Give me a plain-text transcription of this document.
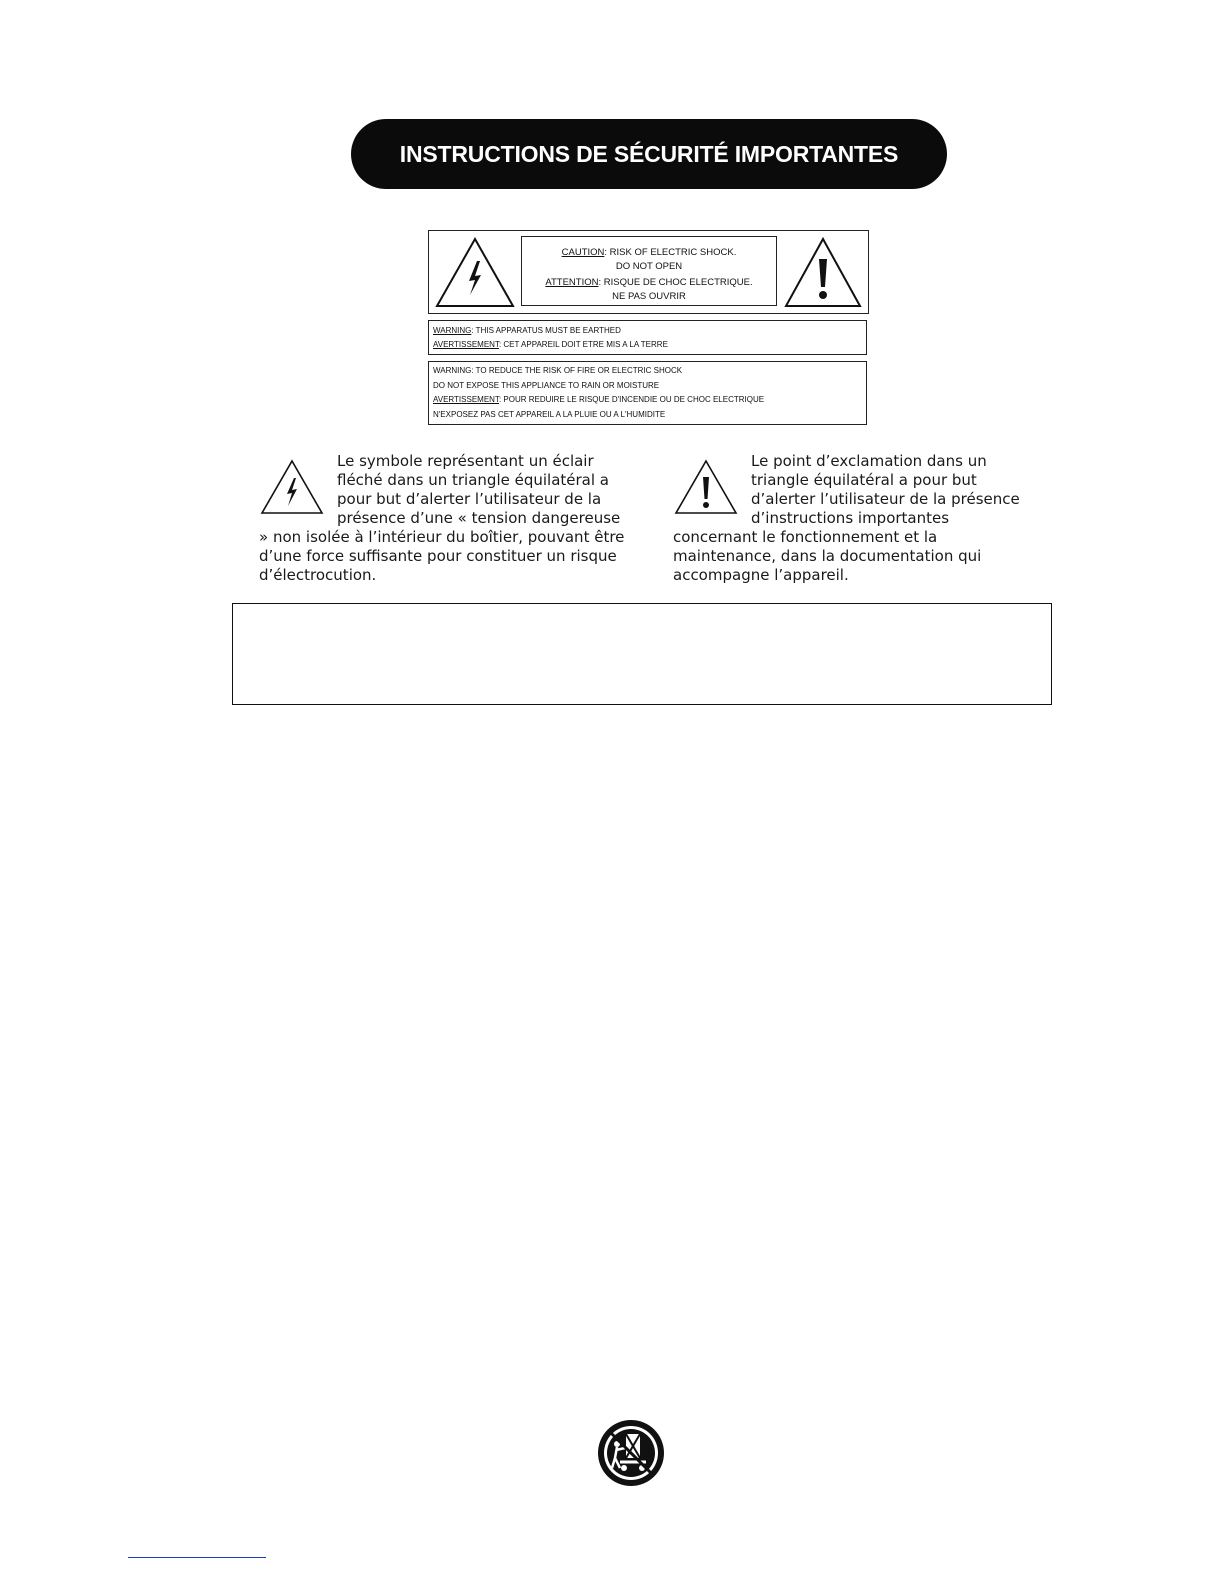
INSTRUCTIONS DE SÉCURITÉ IMPORTANTES
CAUTION: RISK OF ELECTRIC SHOCK.
DO NOT OPEN
ATTENTION: RISQUE DE CHOC ELECTRIQUE.
NE PAS OUVRIR
WARNING: THIS APPARATUS MUST BE EARTHED
AVERTISSEMENT: CET APPAREIL DOIT ETRE MIS A LA TERRE
WARNING: TO REDUCE THE RISK OF FIRE OR ELECTRIC SHOCK
DO NOT EXPOSE THIS APPLIANCE TO RAIN OR MOISTURE
AVERTISSEMENT: POUR REDUIRE LE RISQUE D'INCENDIE OU DE CHOC ELECTRIQUE
N'EXPOSEZ PAS CET APPAREIL A LA PLUIE OU A L'HUMIDITE
Le symbole représentant un éclair fléché dans un triangle équilatéral a pour but d’alerter l’utilisateur de la présence d’une « tension dangereuse » non isolée à l’intérieur du boîtier, pouvant être d’une force suffisante pour constituer un risque d’électrocution.
Le point d’exclamation dans un triangle équilatéral a pour but d’alerter l’utilisateur de la présence d’instructions importantes concernant le fonctionnement et la maintenance, dans la documentation qui accompagne l’appareil.
